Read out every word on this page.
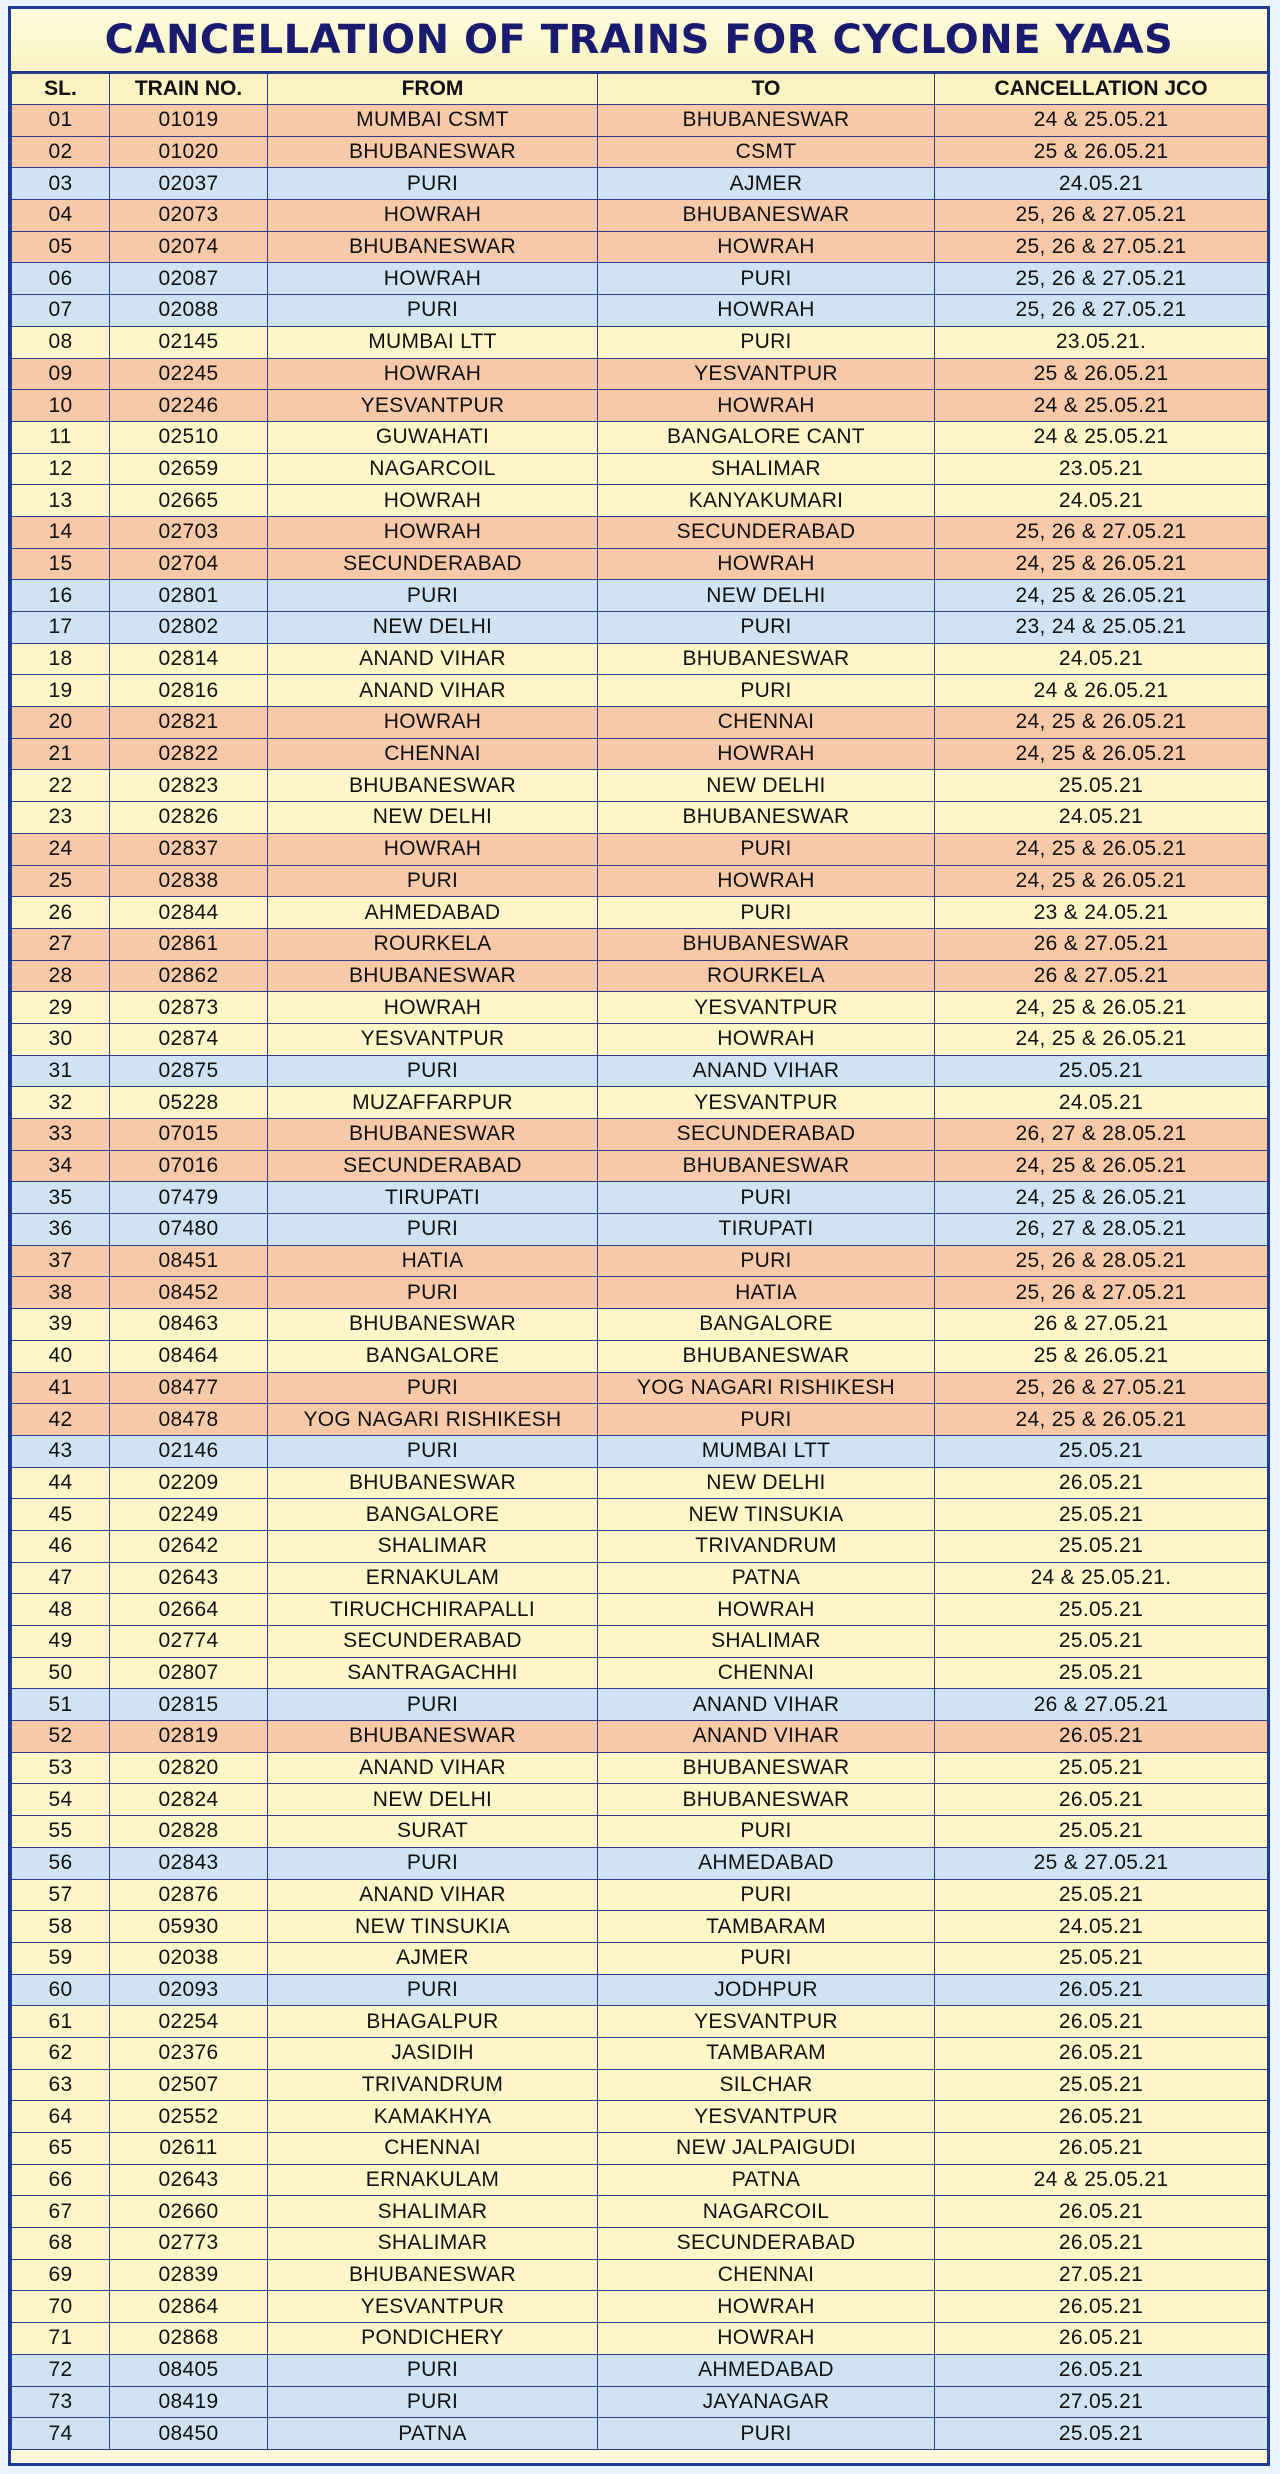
CANCELLATION OF TRAINS FOR CYCLONE YAAS
SL.	TRAIN NO.	FROM	TO	CANCELLATION JCO
01	01019	MUMBAI CSMT	BHUBANESWAR	24 & 25.05.21
02	01020	BHUBANESWAR	CSMT	25 & 26.05.21
03	02037	PURI	AJMER	24.05.21
04	02073	HOWRAH	BHUBANESWAR	25, 26 & 27.05.21
05	02074	BHUBANESWAR	HOWRAH	25, 26 & 27.05.21
06	02087	HOWRAH	PURI	25, 26 & 27.05.21
07	02088	PURI	HOWRAH	25, 26 & 27.05.21
08	02145	MUMBAI LTT	PURI	23.05.21.
09	02245	HOWRAH	YESVANTPUR	25 & 26.05.21
10	02246	YESVANTPUR	HOWRAH	24 & 25.05.21
11	02510	GUWAHATI	BANGALORE CANT	24 & 25.05.21
12	02659	NAGARCOIL	SHALIMAR	23.05.21
13	02665	HOWRAH	KANYAKUMARI	24.05.21
14	02703	HOWRAH	SECUNDERABAD	25, 26 & 27.05.21
15	02704	SECUNDERABAD	HOWRAH	24, 25 & 26.05.21
16	02801	PURI	NEW DELHI	24, 25 & 26.05.21
17	02802	NEW DELHI	PURI	23, 24 & 25.05.21
18	02814	ANAND VIHAR	BHUBANESWAR	24.05.21
19	02816	ANAND VIHAR	PURI	24 & 26.05.21
20	02821	HOWRAH	CHENNAI	24, 25 & 26.05.21
21	02822	CHENNAI	HOWRAH	24, 25 & 26.05.21
22	02823	BHUBANESWAR	NEW DELHI	25.05.21
23	02826	NEW DELHI	BHUBANESWAR	24.05.21
24	02837	HOWRAH	PURI	24, 25 & 26.05.21
25	02838	PURI	HOWRAH	24, 25 & 26.05.21
26	02844	AHMEDABAD	PURI	23 & 24.05.21
27	02861	ROURKELA	BHUBANESWAR	26 & 27.05.21
28	02862	BHUBANESWAR	ROURKELA	26 & 27.05.21
29	02873	HOWRAH	YESVANTPUR	24, 25 & 26.05.21
30	02874	YESVANTPUR	HOWRAH	24, 25 & 26.05.21
31	02875	PURI	ANAND VIHAR	25.05.21
32	05228	MUZAFFARPUR	YESVANTPUR	24.05.21
33	07015	BHUBANESWAR	SECUNDERABAD	26, 27 & 28.05.21
34	07016	SECUNDERABAD	BHUBANESWAR	24, 25 & 26.05.21
35	07479	TIRUPATI	PURI	24, 25 & 26.05.21
36	07480	PURI	TIRUPATI	26, 27 & 28.05.21
37	08451	HATIA	PURI	25, 26 & 28.05.21
38	08452	PURI	HATIA	25, 26 & 27.05.21
39	08463	BHUBANESWAR	BANGALORE	26 & 27.05.21
40	08464	BANGALORE	BHUBANESWAR	25 & 26.05.21
41	08477	PURI	YOG NAGARI RISHIKESH	25, 26 & 27.05.21
42	08478	YOG NAGARI RISHIKESH	PURI	24, 25 & 26.05.21
43	02146	PURI	MUMBAI LTT	25.05.21
44	02209	BHUBANESWAR	NEW DELHI	26.05.21
45	02249	BANGALORE	NEW TINSUKIA	25.05.21
46	02642	SHALIMAR	TRIVANDRUM	25.05.21
47	02643	ERNAKULAM	PATNA	24 & 25.05.21.
48	02664	TIRUCHCHIRAPALLI	HOWRAH	25.05.21
49	02774	SECUNDERABAD	SHALIMAR	25.05.21
50	02807	SANTRAGACHHI	CHENNAI	25.05.21
51	02815	PURI	ANAND VIHAR	26 & 27.05.21
52	02819	BHUBANESWAR	ANAND VIHAR	26.05.21
53	02820	ANAND VIHAR	BHUBANESWAR	25.05.21
54	02824	NEW DELHI	BHUBANESWAR	26.05.21
55	02828	SURAT	PURI	25.05.21
56	02843	PURI	AHMEDABAD	25 & 27.05.21
57	02876	ANAND VIHAR	PURI	25.05.21
58	05930	NEW TINSUKIA	TAMBARAM	24.05.21
59	02038	AJMER	PURI	25.05.21
60	02093	PURI	JODHPUR	26.05.21
61	02254	BHAGALPUR	YESVANTPUR	26.05.21
62	02376	JASIDIH	TAMBARAM	26.05.21
63	02507	TRIVANDRUM	SILCHAR	25.05.21
64	02552	KAMAKHYA	YESVANTPUR	26.05.21
65	02611	CHENNAI	NEW JALPAIGUDI	26.05.21
66	02643	ERNAKULAM	PATNA	24 & 25.05.21
67	02660	SHALIMAR	NAGARCOIL	26.05.21
68	02773	SHALIMAR	SECUNDERABAD	26.05.21
69	02839	BHUBANESWAR	CHENNAI	27.05.21
70	02864	YESVANTPUR	HOWRAH	26.05.21
71	02868	PONDICHERY	HOWRAH	26.05.21
72	08405	PURI	AHMEDABAD	26.05.21
73	08419	PURI	JAYANAGAR	27.05.21
74	08450	PATNA	PURI	25.05.21
